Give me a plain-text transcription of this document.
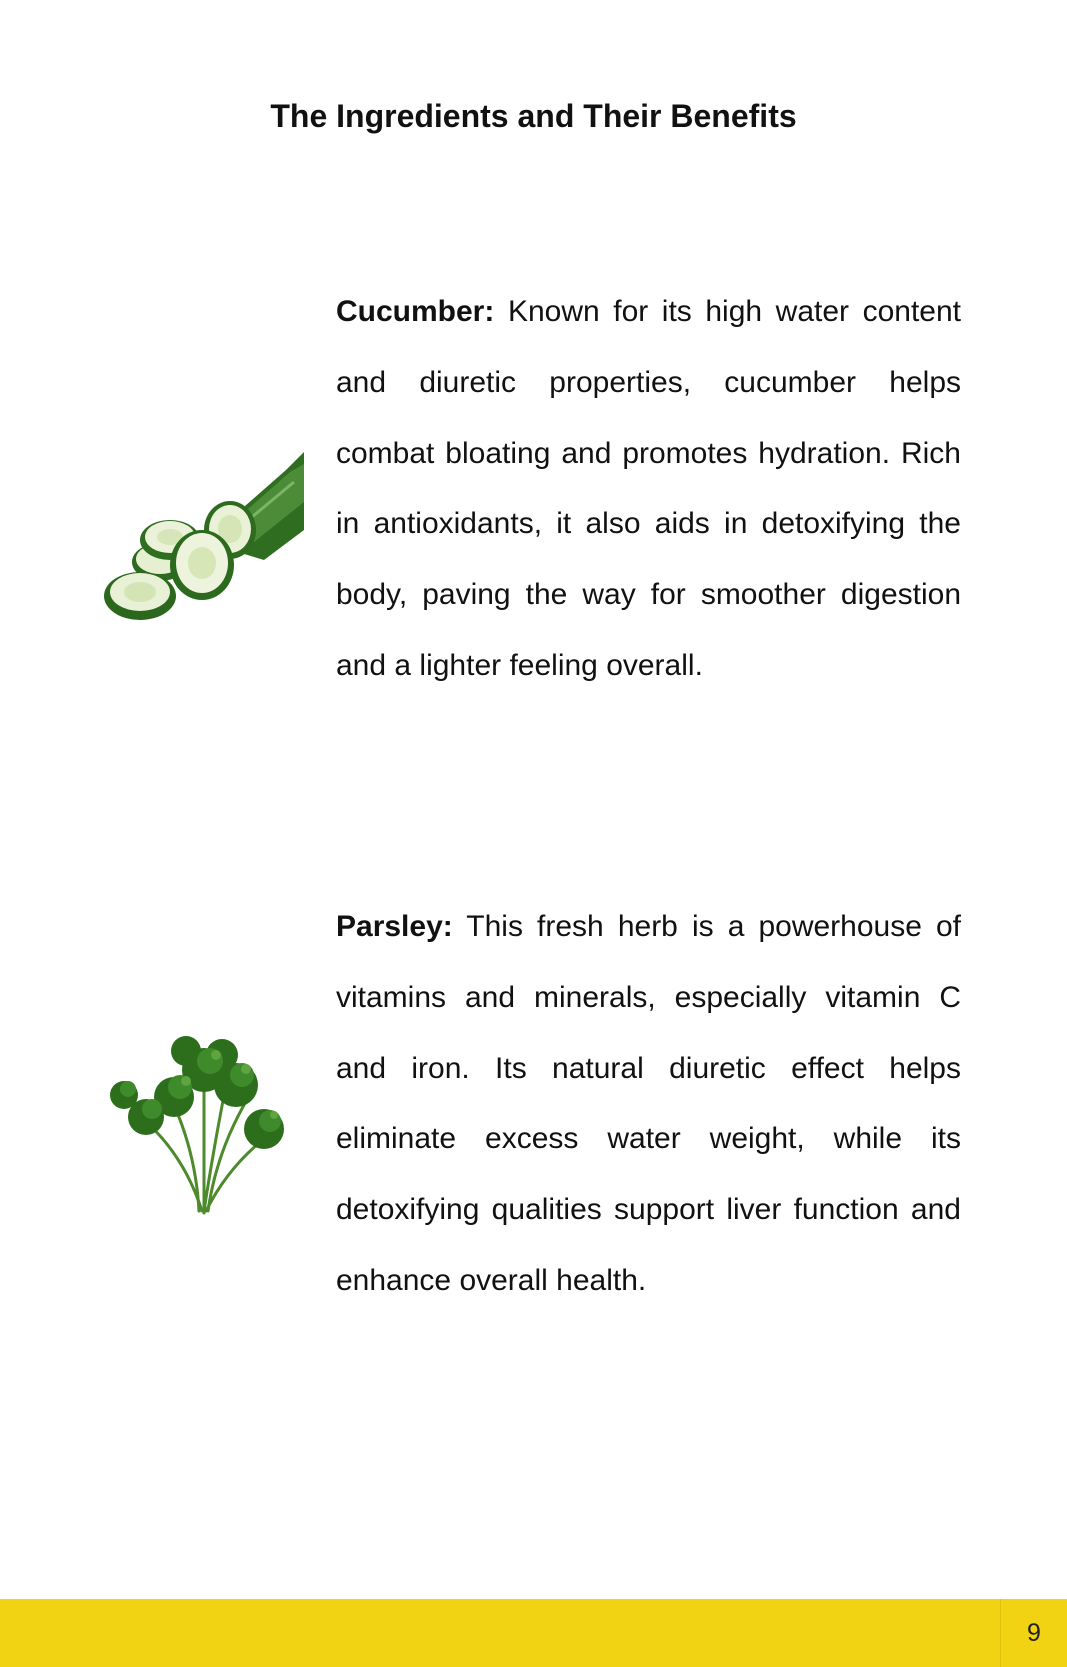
The Ingredients and Their Benefits

Cucumber: Known for its high water content and diuretic properties, cucumber helps combat bloating and promotes hydration. Rich in antioxidants, it also aids in detoxifying the body, paving the way for smoother digestion and a lighter feeling overall.

Parsley: This fresh herb is a powerhouse of vitamins and minerals, especially vitamin C and iron. Its natural diuretic effect helps eliminate excess water weight, while its detoxifying qualities support liver function and enhance overall health.

9
